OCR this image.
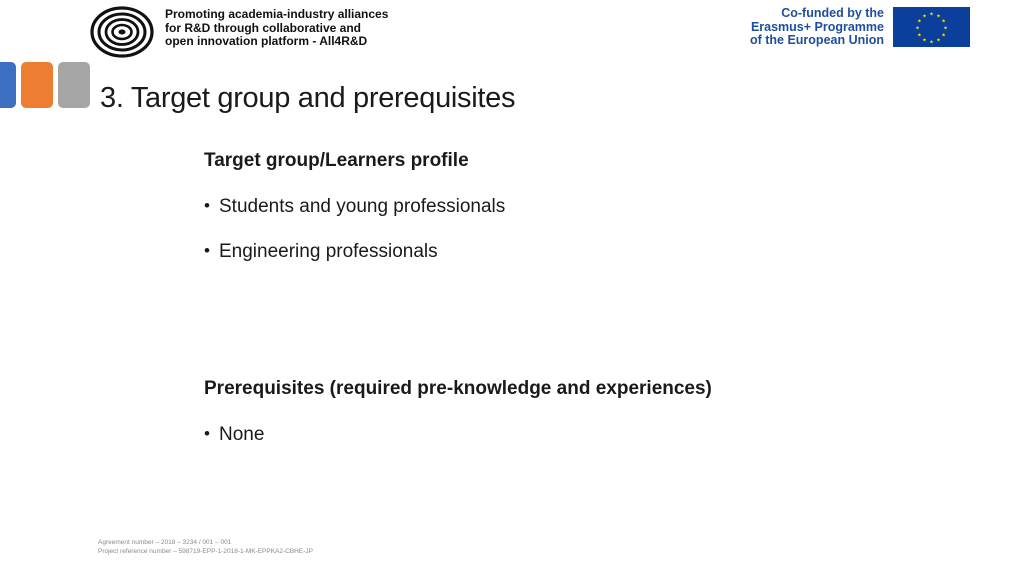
Promoting academia-industry alliances
for R&D through collaborative and
open innovation platform - All4R&D
Co-funded by the
Erasmus+ Programme
of the European Union
★ ★
★
★
★
★
★
★
★
★
★
★
3. Target group and prerequisites
Target group/Learners profile
• Students and young professionals
• Engineering professionals
Prerequisites (required pre-knowledge and experiences)
• None
Agreement number – 2018 – 3234 / 001 – 001
Project reference number – 598719-EPP-1-2018-1-MK-EPPKA2-CBHE-JP
